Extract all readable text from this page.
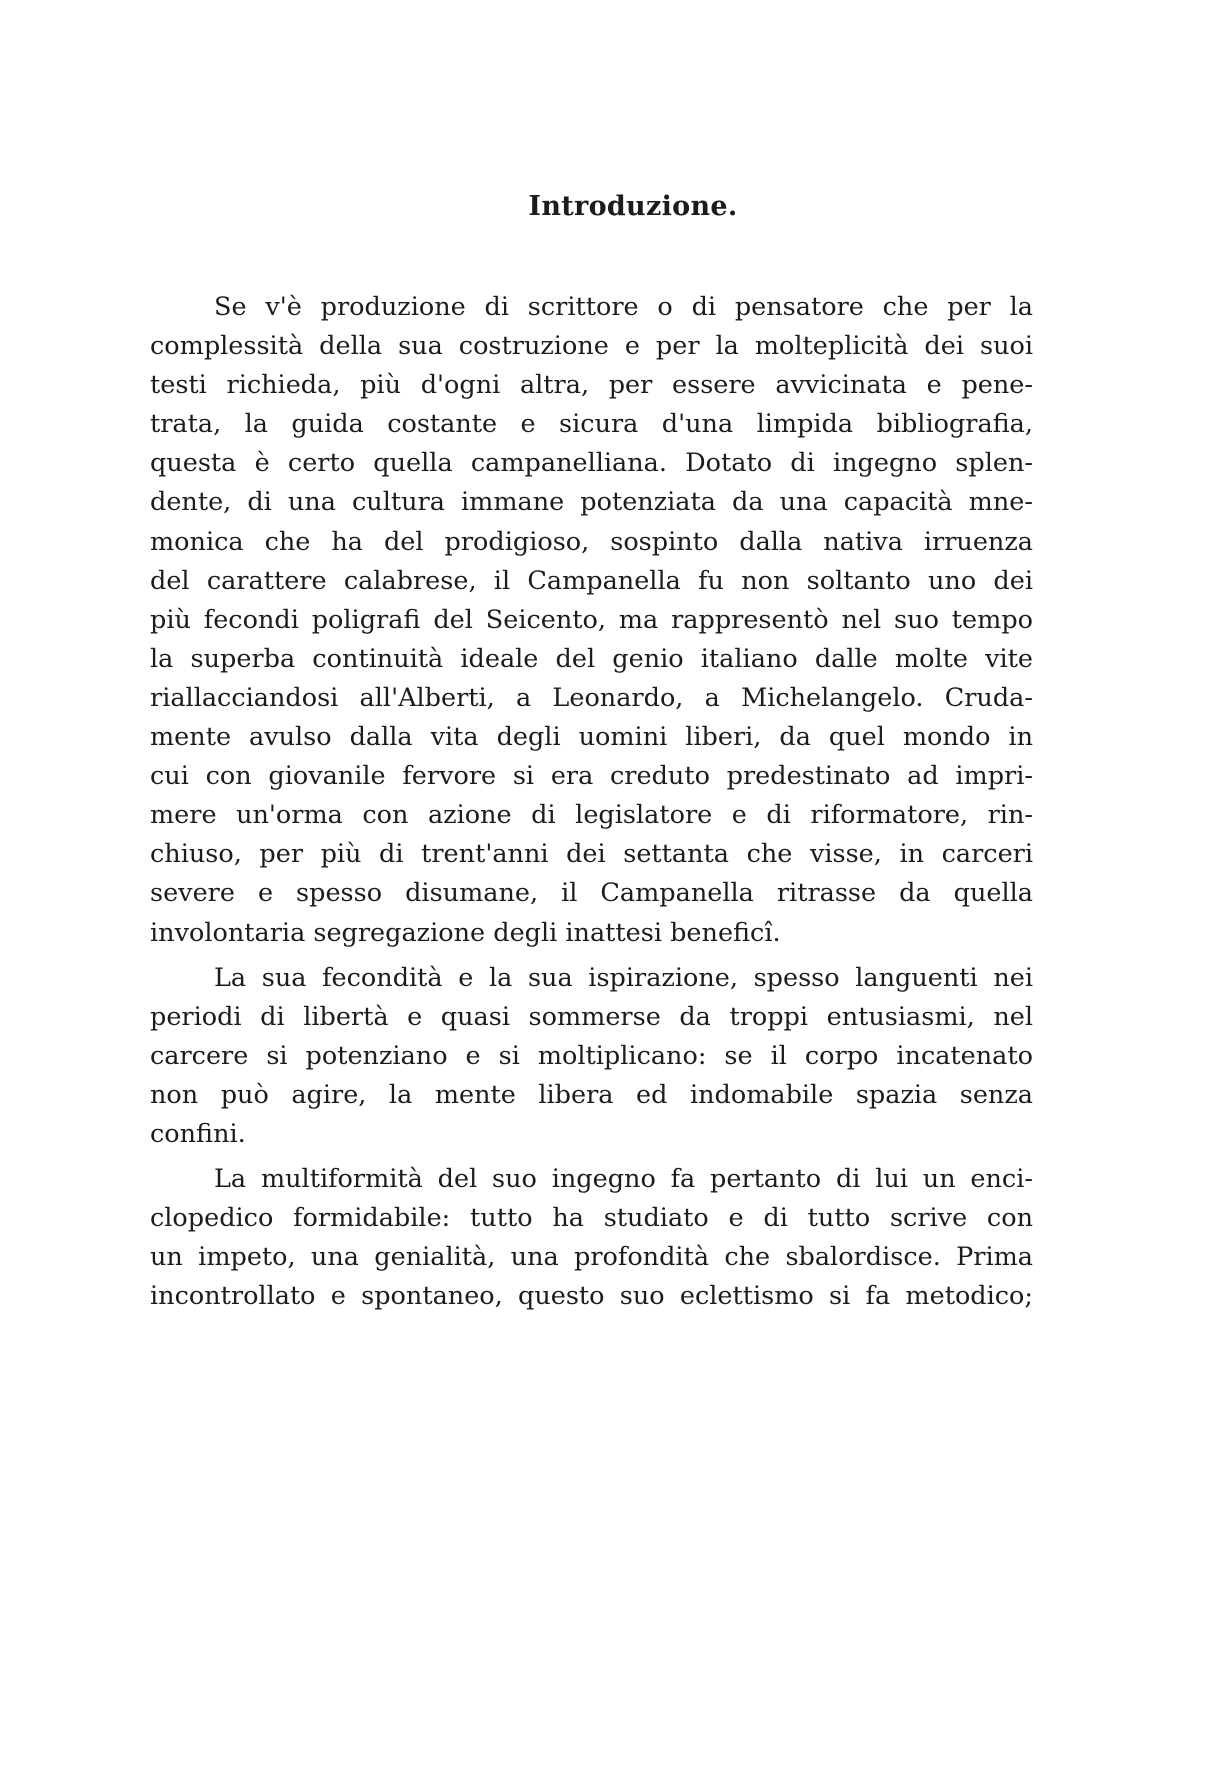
Introduzione.
Se v'è produzione di scrittore o di pensatore che per la
complessità della sua costruzione e per la molteplicità dei suoi
testi richieda, più d'ogni altra, per essere avvicinata e pene-
trata, la guida costante e sicura d'una limpida bibliografia,
questa è certo quella campanelliana. Dotato di ingegno splen-
dente, di una cultura immane potenziata da una capacità mne-
monica che ha del prodigioso, sospinto dalla nativa irruenza
del carattere calabrese, il Campanella fu non soltanto uno dei
più fecondi poligrafi del Seicento, ma rappresentò nel suo tempo
la superba continuità ideale del genio italiano dalle molte vite
riallacciandosi all'Alberti, a Leonardo, a Michelangelo. Cruda-
mente avulso dalla vita degli uomini liberi, da quel mondo in
cui con giovanile fervore si era creduto predestinato ad impri-
mere un'orma con azione di legislatore e di riformatore, rin-
chiuso, per più di trent'anni dei settanta che visse, in carceri
severe e spesso disumane, il Campanella ritrasse da quella
involontaria segregazione degli inattesi beneficî.
La sua fecondità e la sua ispirazione, spesso languenti nei
periodi di libertà e quasi sommerse da troppi entusiasmi, nel
carcere si potenziano e si moltiplicano: se il corpo incatenato
non può agire, la mente libera ed indomabile spazia senza
confini.
La multiformità del suo ingegno fa pertanto di lui un enci-
clopedico formidabile: tutto ha studiato e di tutto scrive con
un impeto, una genialità, una profondità che sbalordisce. Prima
incontrollato e spontaneo, questo suo eclettismo si fa metodico;
